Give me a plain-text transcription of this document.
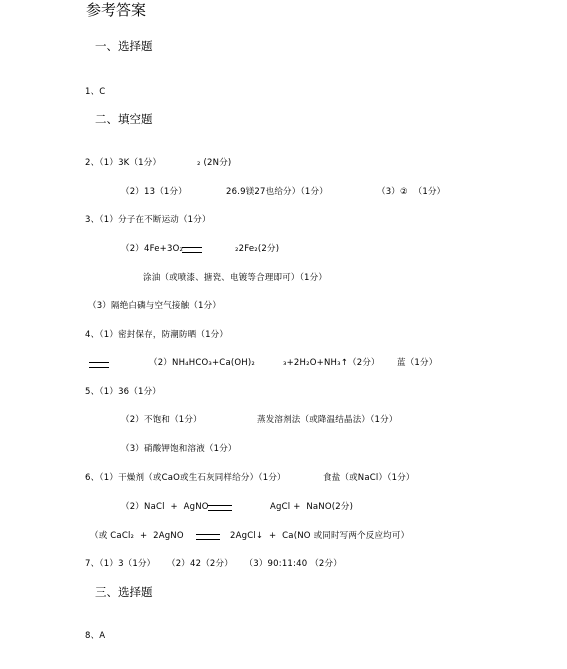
参考答案
一、选择题
1、C
二、填空题
2、（1）3K（1分）	₂ (2N分)
（2）13（1分）	26.9镁27也给分）（1分）	（3）②  （1分）
3、（1）分子在不断运动（1分）
（2）4Fe+3O₂	₂2Fe₂(2分)
涂油（或喷漆、搪瓷、电镀等合理即可）（1分）
（3）隔绝白磷与空气接触（1分）
4、（1）密封保存，防潮防晒（1分）
（2）NH₄HCO₃+Ca(OH)₂	₃+2H₂O+NH₃↑（2分） 蓝（1分）
5、（1）36（1分）
（2）不饱和（1分）	蒸发溶剂法（或降温结晶法）（1分）
（3）硝酸钾饱和溶液（1分）
6、（1）干燥剂（或CaO或生石灰同样给分）（1分）	食盐（或NaCl）（1分）
（2）NaCl  +  AgNO	AgCl +  NaNO(2分)
（或 CaCl₂  +  2AgNO	2AgCl↓  +  Ca(NO 或同时写两个反应均可）
7、（1）3（1分）    （2）42（2分）    （3）90:11:40 （2分）
三、选择题
8、A
